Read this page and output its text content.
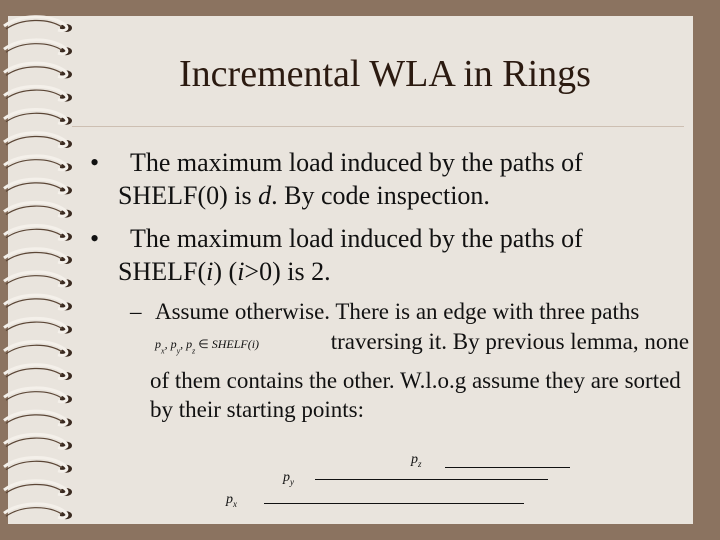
Incremental WLA in Rings
•	The maximum load induced by the paths of SHELF(0) is d. By code inspection.
•	The maximum load induced by the paths of SHELF(i) (i>0) is 2.
– Assume otherwise. There is an edge with three paths $p_x$, $p_y$, $p_z$ ∈ SHELF(i)	traversing it. By previous lemma, none of them contains the other. W.l.o.g assume they are sorted by their starting points:
$p_z$
$p_y$
$p_x$
